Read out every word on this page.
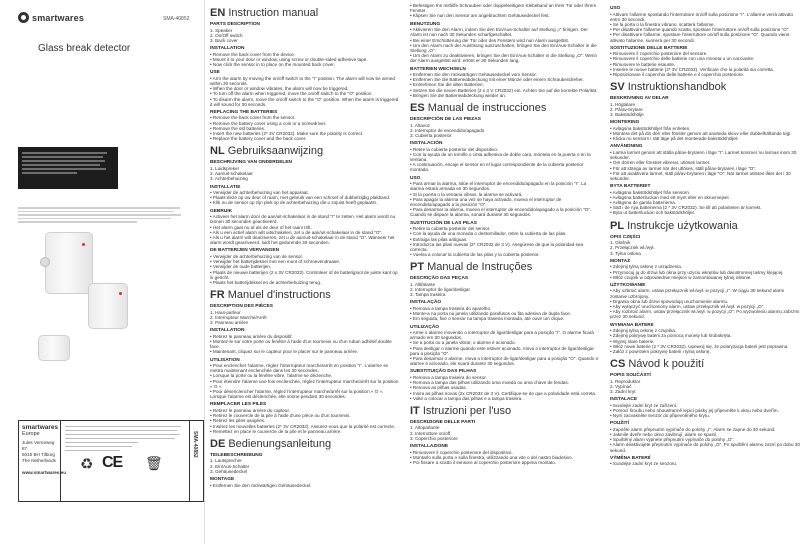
smartwares	SMA-40852
Glass break detector
smartwares
Europe
Jules Verneweg 87
5015 BH Tilburg
The Netherlands
www.smartwares.eu
SMA-40852
♻ CE 🗑
EN Instruction manual
PARTS DESCRIPTION
1. Speaker
2. On/Off switch
3. Back cover
INSTALLATION
• Remove the back cover from the device.
• Mount it to your door or window, using screw or double-sided adhesive tape.
• Now click the sensor in to place on the mounted back cover.
USE
• Arm the alarm by moving the on/off switch to the "I" position. The alarm will now be armed within 30 seconds.
• When the door or window vibrates, the alarm will now be triggered.
• To turn off the alarm when triggered, move the on/off switch to the "O" position.
• To disarm the alarm, move the on/off switch to the "O" position. When the alarm is triggered it will sound for 30 seconds.
REPLACING THE BATTERIES
• Remove the back cover from the sensor.
• Remove the battery cover using a coin or a screwdriver.
• Remove the old batteries.
• Insert the new batteries (2* 3V CR2032). Make sure the polarity is correct.
• Replace the battery cover and the back cover.
NL Gebruiksaanwijzing
BESCHRIJVING VAN ONDERDELEN
1. Luidspreker
2. Aan/uit-schakelaar
3. Achterbehuizing
INSTALLATIE
• Verwijder de achterbehuizing van het apparaat.
• Plaats deze op uw deur of raam, met gebruik van een schroef of dubbelzijdig plakband.
• Klik nu de sensor op zijn plek op de achterbehuizing die u zojuist heeft geplaatst.
GEBRUIK
• Activeer het alarm door de aan/uit-schakelaar in de stand "I" te zetten. Het alarm wordt nu binnen 30 seconden geactiveerd.
• Het alarm gaat nu af als de deur of het raam trilt.
• Als u een actief alarm wilt uitschakelen, zet u de aan/uit-schakelaar in de stand "O".
• Als u het alarm wilt deactiveren, zet u de aan/uit-schakelaar in de stand "O". Wanneer het alarm wordt geactiveerd, luidt het gedurende 30 seconden.
DE BATTERIJEN VERVANGEN
• Verwijder de achterbehuizing van de sensor.
• Verwijder het batterijdeksel met een munt of schroevendraaier.
• Verwijder de oude batterijen.
• Plaats de nieuwe batterijen (2 x 3V CR2032). Controleer of de batterijpool de juiste kant op is gericht.
• Plaats het batterijdeksel en de achterbehuizing terug.
FR Manuel d'instructions
DESCRIPTION DES PIÈCES
1. Haut-parleur
2. Interrupteur Marche/Arrêt
3. Panneau arrière
INSTALLATION
• Retirez le panneau arrière du dispositif.
• Montez-le sur votre porte ou fenêtre à l'aide d'un tournevis ou d'un ruban adhésif double face.
• Maintenant, cliquez sur le capteur pour le placer sur le panneau arrière.
UTILISATION
• Pour enclencher l'alarme, réglez l'interrupteur marche/arrêt en position "I". L'alarme se mettra maintenant enclenchée dans les 30 secondes.
• Lorsque la porte ou la fenêtre vibre, l'alarme se déclenche.
• Pour éteindre l'alarme une fois enclenchée, réglez l'interrupteur marche/arrêt sur la position « O ».
• Pour désenclencher l'alarme, réglez l'interrupteur marche/arrêt sur la position « O ». Lorsque l'alarme est déclenchée, elle sonne pendant 30 secondes.
REMPLACER LES PILES
• Retirez le panneau arrière du capteur.
• Retirez le couvercle de la pile à l'aide d'une pièce ou d'un tournevis.
• Retirez les piles usagées.
• Insérez les nouvelles batteries (2* 3V CR2032). Assurez-vous que la polarité est correcte.
• Remettez en place le couvercle de la pile et le panneau arrière.
DE Bedienungsanleitung
TEILEBESCHREIBUNG
1. Lautsprecher
2. Ein/Aus-Schalter
3. Gehäusedeckel
MONTAGE
• Entfernen Sie den rückwärtigen Gehäusedeckel.
• Befestigen Ihn mithilfe Schrauben oder doppelseitigem Klebeband an Ihrer Tür oder Ihrem Fenster.
• Klipsen Sie nun den Sensor am angebrachten Gehäusedeckel fest.
BENUTZUNG
• Aktivieren Sie den Alarm, indem Sie den Ein/Aus-Schalter auf Stellung „I" bringen. Der Alarm ist nun nach 30 Sekunden scharfgeschaltet.
• Bei einer Erschütterung der Tür oder des Fensters wird nun Alarm ausgelöst.
• Um den Alarm nach der Auslösung auszuschalten, bringen Sie den Ein/Aus-Schalter in die Stellung „O".
• Um den Alarm zu deaktivieren, bringen Sie den Ein/Aus-Schalter in die Stellung „O". Wenn der Alarm ausgelöst wird, ertönt er 30 Sekunden lang.
BATTERIEN WECHSELN
• Entfernen Sie den rückwärtigen Gehäusedeckel vom Sensor.
• Entfernen Sie die Batterieabdeckung mit einer Münze oder einem Schraubendreher.
• Entnehmen Sie die alten Batterien.
• Setzen Sie die neuen Batterien (2 x 3 V CR2032) ein. Achten Sie auf die korrekte Polarität.
• Bringen Sie die Batterieabdeckung wieder an.
ES Manual de instrucciones
DESCRIPCIÓN DE LAS PIEZAS
1. Altavoz
2. Interruptor de encendido/apagado
3. Cubierta posterior
INSTALACIÓN
• Retire la cubierta posterior del dispositivo.
• Con la ayuda de un tornillo o cinta adhesiva de doble cara, móntela en la puerta o en la ventana.
• A continuación, encaje el sensor en el lugar correspondiente de la cubierta posterior montada.
USO
• Para armar la alarma, sitúe el interruptor de encendido/apagado en la posición "I". La alarma estará armada en 30 segundos.
• Si la puerta o la ventana vibran, la alarma se activará.
• Para apagar la alarma una vez se haya activado, mueva el interruptor de encendido/apagado a la posición "O".
• Para desarmar la alarma, mueva el interruptor de encendido/apagado a la posición "O". Cuando se dispare la alarma, sonará durante 30 segundos.
SUSTITUCIÓN DE LAS PILAS
• Retire la cubierta posterior del sensor.
• Con la ayuda de una moneda o destornillador, retire la cubierta de las pilas.
• Extraiga las pilas antiguas.
• Introduzca las pilas nuevas (2* CR2032 de 3 V). Asegúrese de que la polaridad sea correcta.
• Vuelva a colocar la cubierta de las pilas y la cubierta posterior.
PT Manual de Instruções
DESCRIÇÃO DAS PEÇAS
1. Altifalante
2. Interruptor de ligar/desligar
3. Tampa traseira
INSTALAÇÃO
• Remova a tampa traseira do aparelho.
• Monte-a na porta ou janela utilizando parafusos ou fita adesiva de dupla face.
• Em seguida, fixe o sensor na tampa traseira montada, até ouvir um clique.
UTILIZAÇÃO
• Arme o alarme movendo o interruptor de ligar/desligar para a posição "I". O alarme ficará armado em 30 segundos.
• Se a porta ou a janela vibrar, o alarme é acionado.
• Para desligar o alarme quando este estiver acionado, mova o interruptor de ligar/desligar para a posição "O".
• Para desarmar o alarme, mova o interruptor de ligar/desligar para a posição "O". Quando o alarme é acionado, ele soará durante 30 segundos.
SUBSTITUIÇÃO DAS PILHAS
• Remova a tampa traseira do sensor.
• Remova a tampa das pilhas utilizando uma moeda ou uma chave de fendas.
• Remova as pilhas usadas.
• Insira as pilhas novas (2x CR2032 de 3 V). Certifique-se de que a polaridade está correta.
• Volte a colocar a tampa das pilhas e a tampa traseira.
IT Istruzioni per l'uso
DESCRIZIONE DELLE PARTI
1. Altoparlante
2. Interruttore on/off
3. Coperchio posteriore
INSTALLAZIONE
• Rimuovere il coperchio posteriore del dispositivo.
• Montarlo sulla porta o sulla finestra, utilizzando una vite o del nastro biadesivo.
• Poi fissare a scatto il sensore al coperchio posteriore appena montato.
USO
• Attivare l'allarme spostando l'interruttore on/off sulla posizione "I". L'allarme verrà attivato entro 30 secondi.
• Se la porta o la finestra vibrano, scatterà l'allarme.
• Per disattivare l'allarme quando scatta, spostare l'interruttore on/off sulla posizione "O".
• Per disattivare l'allarme, spostare l'interruttore on/off sulla posizione "O". Quando viene attivato l'allarme, suonerà per 30 secondi.
SOSTITUZIONE DELLE BATTERIE
• Rimuovere il coperchio posteriore del sensore.
• Rimuovere il coperchio delle batterie con una moneta o un cacciavite.
• Rimuovere le batterie esauste.
• Inserire le nuove batterie (2* 3V CR2032). Verificare che la polarità sia corretta.
• Riposizionare il coperchio delle batterie e il coperchio posteriore.
SV Instruktionshandbok
BESKRIVNING AV DELAR
1. Högtalare
2. På/av-brytare
3. Bakstödshölje
MONTERING
• Avlägsna bakstödshöljet från enheten.
• Montera det på din dörr eller fönster genom att använda skruv eller dubbelhäftande tejp.
• Klicka nu sensorn i rätt läge på det monterade bakstödshöljet.
ANVÄNDNING
• Larma larmet genom att ställa på/av-brytaren i läge "I". Larmet kommer nu larmas inom 30 sekunder.
• Om dörren eller fönstret vibrerar, utlöses larmet.
• För att stänga av larmet när det utlöses, ställ på/av-brytaren i läge "O".
• För att avaktivera larmet, ställ på/av-brytaren i läge "O". När larmet utlöses låter det i 30 sekunder.
BYTA BATTERIET
• Avlägsna bakstödshöljet från sensorn.
• Avlägsna batteriluckan med ett mynt eller en skruvmejsel.
• Avlägsna de gamla batterierna.
• Sätt i de nya batterierna (2 * 3V CR2032). Se till att polariteten är korrekt.
• Byta ut batteriluckan och bakstödshöljet.
PL Instrukcje użytkowania
OPIS CZĘŚCI
1. Głośnik
2. Przełącznik wł./wył.
3. Tylna osłona
MONTAŻ
• Zdejmij tylną osłonę z urządzenia.
• Przymocuj ją do drzwi lub okna przy użyciu wkrętów lub dwustronnej taśmy klejącej.
• Włóż czujnik w odpowiednie miejsce w zamontowanej tylnej osłonie.
UŻYTKOWANIE
• Aby uzbroić alarm, ustaw przełącznik wł./wył. w pozycji „I". W ciągu 30 sekund alarm zostanie uzbrojony.
• Drgania okna lub drzwi spowodują uruchomienie alarmu.
• Aby wyłączyć uruchomiony alarm, ustaw przełącznik wł./wył. w pozycji „O".
• Aby rozbroić alarm, ustaw przełącznik wł./wył. w pozycji „O". Po wyzwoleniu alarmu zabrzmi przez 30 sekund.
WYMIANA BATERII
• Zdejmij tylną osłonę z czujnika.
• Zdejmij pokrywę baterii za pomocą monety lub śrubokręta.
• Wyjmij stare baterie.
• Włóż nowe baterie (2 * 3V CR2032). Upewnij się, że polaryzacja baterii jest poprawna.
• Załóż z powrotem pokrywę baterii i tylną osłonę.
CS Návod k použití
POPIS SOUČÁSTÍ
1. Reproduktor
2. Vypínač
3. Zadní kryt
INSTALACE
• Sundejte zadní kryt ze zařízení.
• Pomocí šroubu nebo oboustranně lepicí pásky jej připevněte k oknu nebo dveřím.
• Nyní zacvakněte senzor do připevněného krytu.
POUŽITÍ
• Zapněte alarm přepnutím vypínače do polohy „I". Alarm se zapne do 30 sekund.
• Jakmile dveře nebo okno zavibrují, alarm se spustí.
• Spuštěný alarm vypnete přepnutím vypínače do polohy „O".
• Alarm deaktivujete přepnutím vypínače do polohy „O". Po spuštění alarmu zazní po dobu 30 sekund.
VÝMĚNA BATERIÍ
• Sundejte zadní kryt ze senzoru.
